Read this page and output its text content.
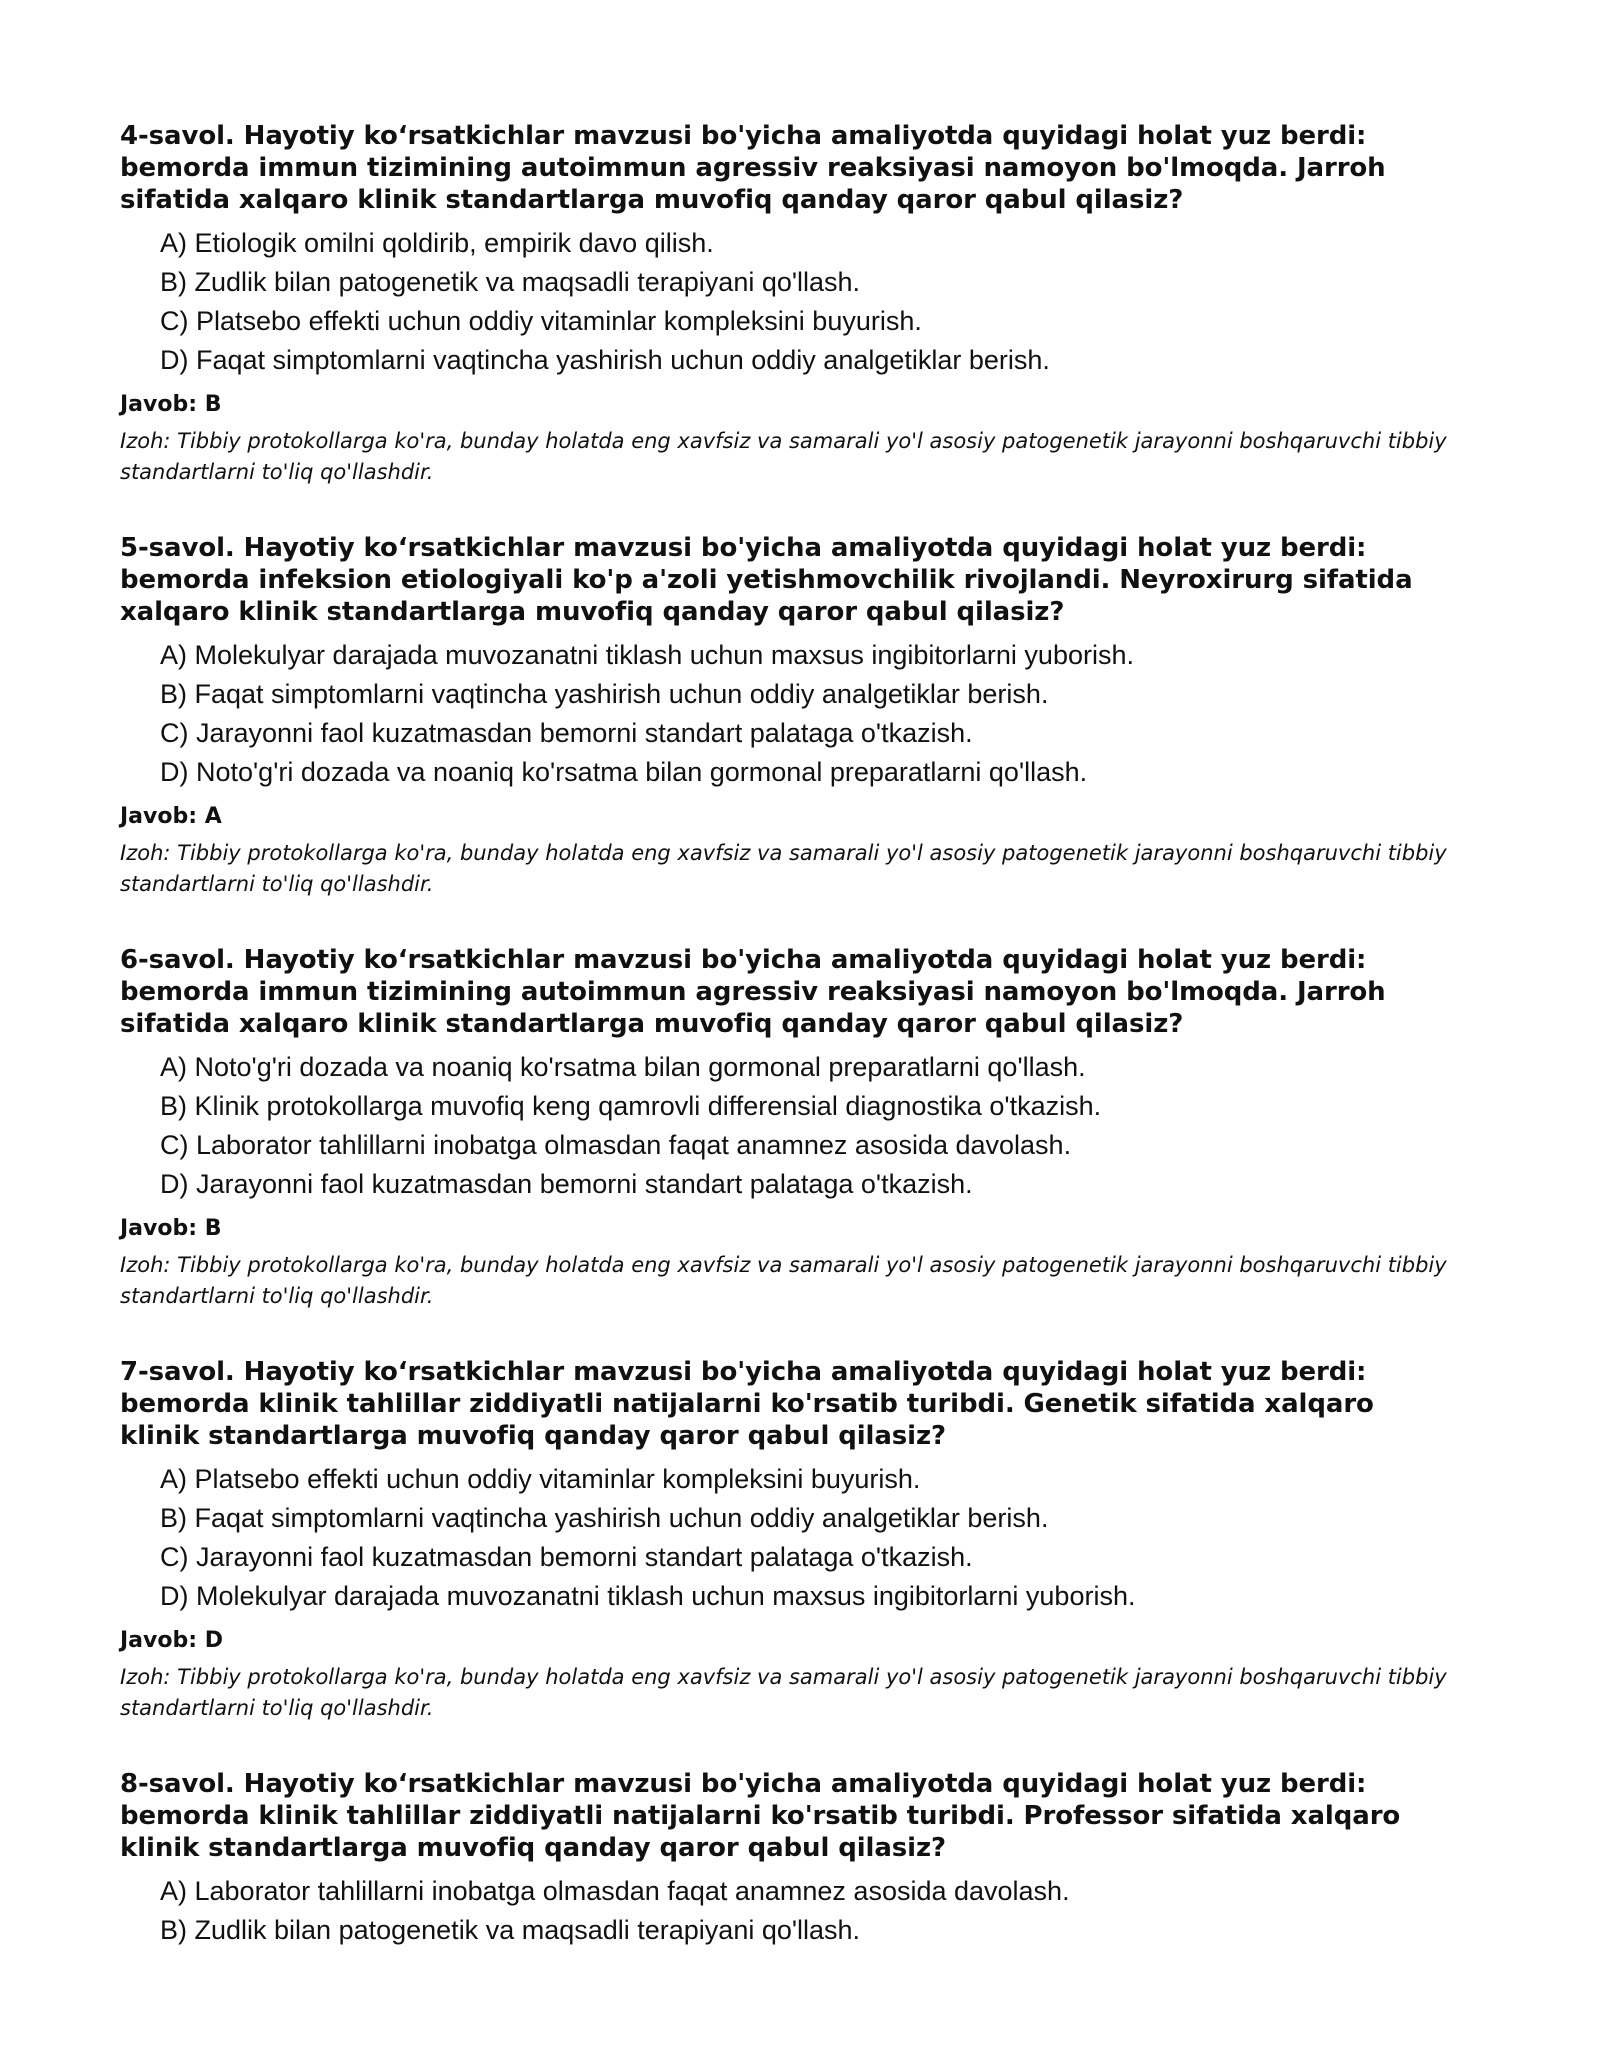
4-savol. Hayotiy ko‘rsatkichlar mavzusi bo'yicha amaliyotda quyidagi holat yuz berdi: bemorda immun tizimining autoimmun agressiv reaksiyasi namoyon bo'lmoqda. Jarroh sifatida xalqaro klinik standartlarga muvofiq qanday qaror qabul qilasiz?
A) Etiologik omilni qoldirib, empirik davo qilish.
B) Zudlik bilan patogenetik va maqsadli terapiyani qo'llash.
C) Platsebo effekti uchun oddiy vitaminlar kompleksini buyurish.
D) Faqat simptomlarni vaqtincha yashirish uchun oddiy analgetiklar berish.
Javob: B
Izoh: Tibbiy protokollarga ko'ra, bunday holatda eng xavfsiz va samarali yo'l asosiy patogenetik jarayonni boshqaruvchi tibbiy standartlarni to'liq qo'llashdir.
5-savol. Hayotiy ko‘rsatkichlar mavzusi bo'yicha amaliyotda quyidagi holat yuz berdi: bemorda infeksion etiologiyali ko'p a'zoli yetishmovchilik rivojlandi. Neyroxirurg sifatida xalqaro klinik standartlarga muvofiq qanday qaror qabul qilasiz?
A) Molekulyar darajada muvozanatni tiklash uchun maxsus ingibitorlarni yuborish.
B) Faqat simptomlarni vaqtincha yashirish uchun oddiy analgetiklar berish.
C) Jarayonni faol kuzatmasdan bemorni standart palataga o'tkazish.
D) Noto'g'ri dozada va noaniq ko'rsatma bilan gormonal preparatlarni qo'llash.
Javob: A
Izoh: Tibbiy protokollarga ko'ra, bunday holatda eng xavfsiz va samarali yo'l asosiy patogenetik jarayonni boshqaruvchi tibbiy standartlarni to'liq qo'llashdir.
6-savol. Hayotiy ko‘rsatkichlar mavzusi bo'yicha amaliyotda quyidagi holat yuz berdi: bemorda immun tizimining autoimmun agressiv reaksiyasi namoyon bo'lmoqda. Jarroh sifatida xalqaro klinik standartlarga muvofiq qanday qaror qabul qilasiz?
A) Noto'g'ri dozada va noaniq ko'rsatma bilan gormonal preparatlarni qo'llash.
B) Klinik protokollarga muvofiq keng qamrovli differensial diagnostika o'tkazish.
C) Laborator tahlillarni inobatga olmasdan faqat anamnez asosida davolash.
D) Jarayonni faol kuzatmasdan bemorni standart palataga o'tkazish.
Javob: B
Izoh: Tibbiy protokollarga ko'ra, bunday holatda eng xavfsiz va samarali yo'l asosiy patogenetik jarayonni boshqaruvchi tibbiy standartlarni to'liq qo'llashdir.
7-savol. Hayotiy ko‘rsatkichlar mavzusi bo'yicha amaliyotda quyidagi holat yuz berdi: bemorda klinik tahlillar ziddiyatli natijalarni ko'rsatib turibdi. Genetik sifatida xalqaro klinik standartlarga muvofiq qanday qaror qabul qilasiz?
A) Platsebo effekti uchun oddiy vitaminlar kompleksini buyurish.
B) Faqat simptomlarni vaqtincha yashirish uchun oddiy analgetiklar berish.
C) Jarayonni faol kuzatmasdan bemorni standart palataga o'tkazish.
D) Molekulyar darajada muvozanatni tiklash uchun maxsus ingibitorlarni yuborish.
Javob: D
Izoh: Tibbiy protokollarga ko'ra, bunday holatda eng xavfsiz va samarali yo'l asosiy patogenetik jarayonni boshqaruvchi tibbiy standartlarni to'liq qo'llashdir.
8-savol. Hayotiy ko‘rsatkichlar mavzusi bo'yicha amaliyotda quyidagi holat yuz berdi: bemorda klinik tahlillar ziddiyatli natijalarni ko'rsatib turibdi. Professor sifatida xalqaro klinik standartlarga muvofiq qanday qaror qabul qilasiz?
A) Laborator tahlillarni inobatga olmasdan faqat anamnez asosida davolash.
B) Zudlik bilan patogenetik va maqsadli terapiyani qo'llash.
